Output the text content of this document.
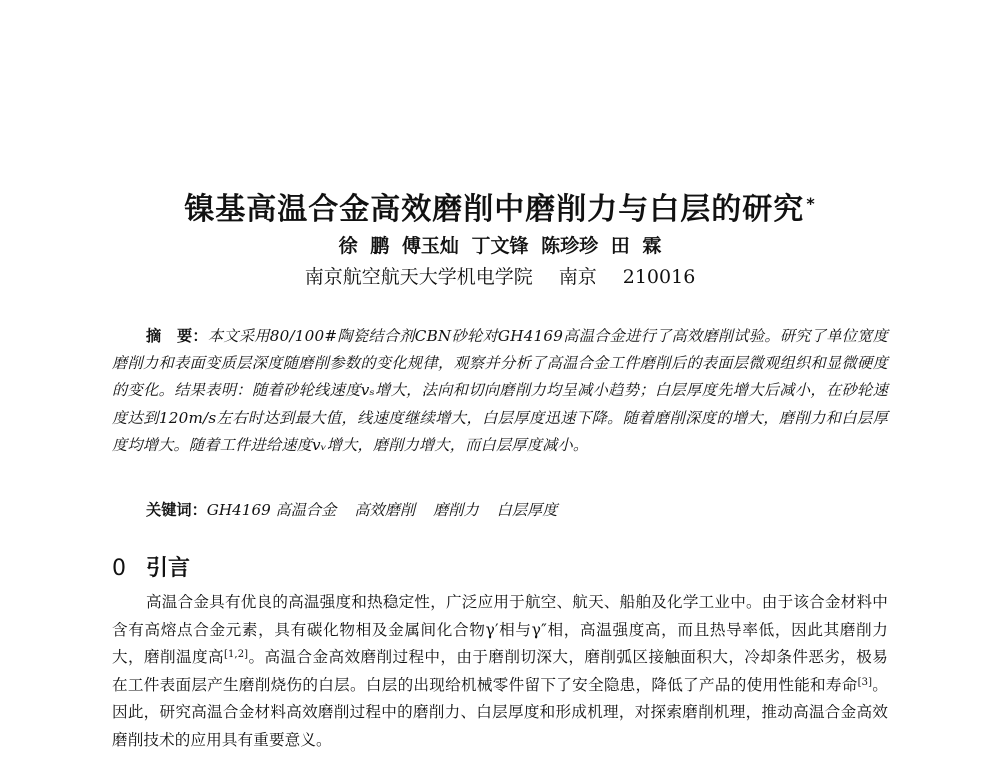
镍基高温合金高效磨削中磨削力与白层的研究 *
徐 鹏 傅玉灿 丁文锋 陈珍珍 田 霖
南京航空航天大学机电学院 南京 210016

摘　要：本文采用80/100#陶瓷结合剂CBN砂轮对GH4169高温合金进行了高效磨削试验。研究了单位宽度磨削力和表面变质层深度随磨削参数的变化规律，观察并分析了高温合金工件磨削后的表面层微观组织和显微硬度的变化。结果表明：随着砂轮线速度vₛ增大，法向和切向磨削力均呈减小趋势；白层厚度先增大后减小，在砂轮速度达到120m/s左右时达到最大值，线速度继续增大，白层厚度迅速下降。随着磨削深度的增大，磨削力和白层厚度均增大。随着工件进给速度vᵥ增大，磨削力增大，而白层厚度减小。

关键词：GH4169 高温合金 高效磨削 磨削力 白层厚度
0 引言

高温合金具有优良的高温强度和热稳定性，广泛应用于航空、航天、船舶及化学工业中。由于该合金材料中含有高熔点合金元素，具有碳化物相及金属间化合物γ′相与γ″相，高温强度高，而且热导率低，因此其磨削力大，磨削温度高[1,2]。高温合金高效磨削过程中，由于磨削切深大，磨削弧区接触面积大，冷却条件恶劣，极易在工件表面层产生磨削烧伤的白层。白层的出现给机械零件留下了安全隐患，降低了产品的使用性能和寿命[3]。因此，研究高温合金材料高效磨削过程中的磨削力、白层厚度和形成机理，对探索磨削机理，推动高温合金高效磨削技术的应用具有重要意义。
